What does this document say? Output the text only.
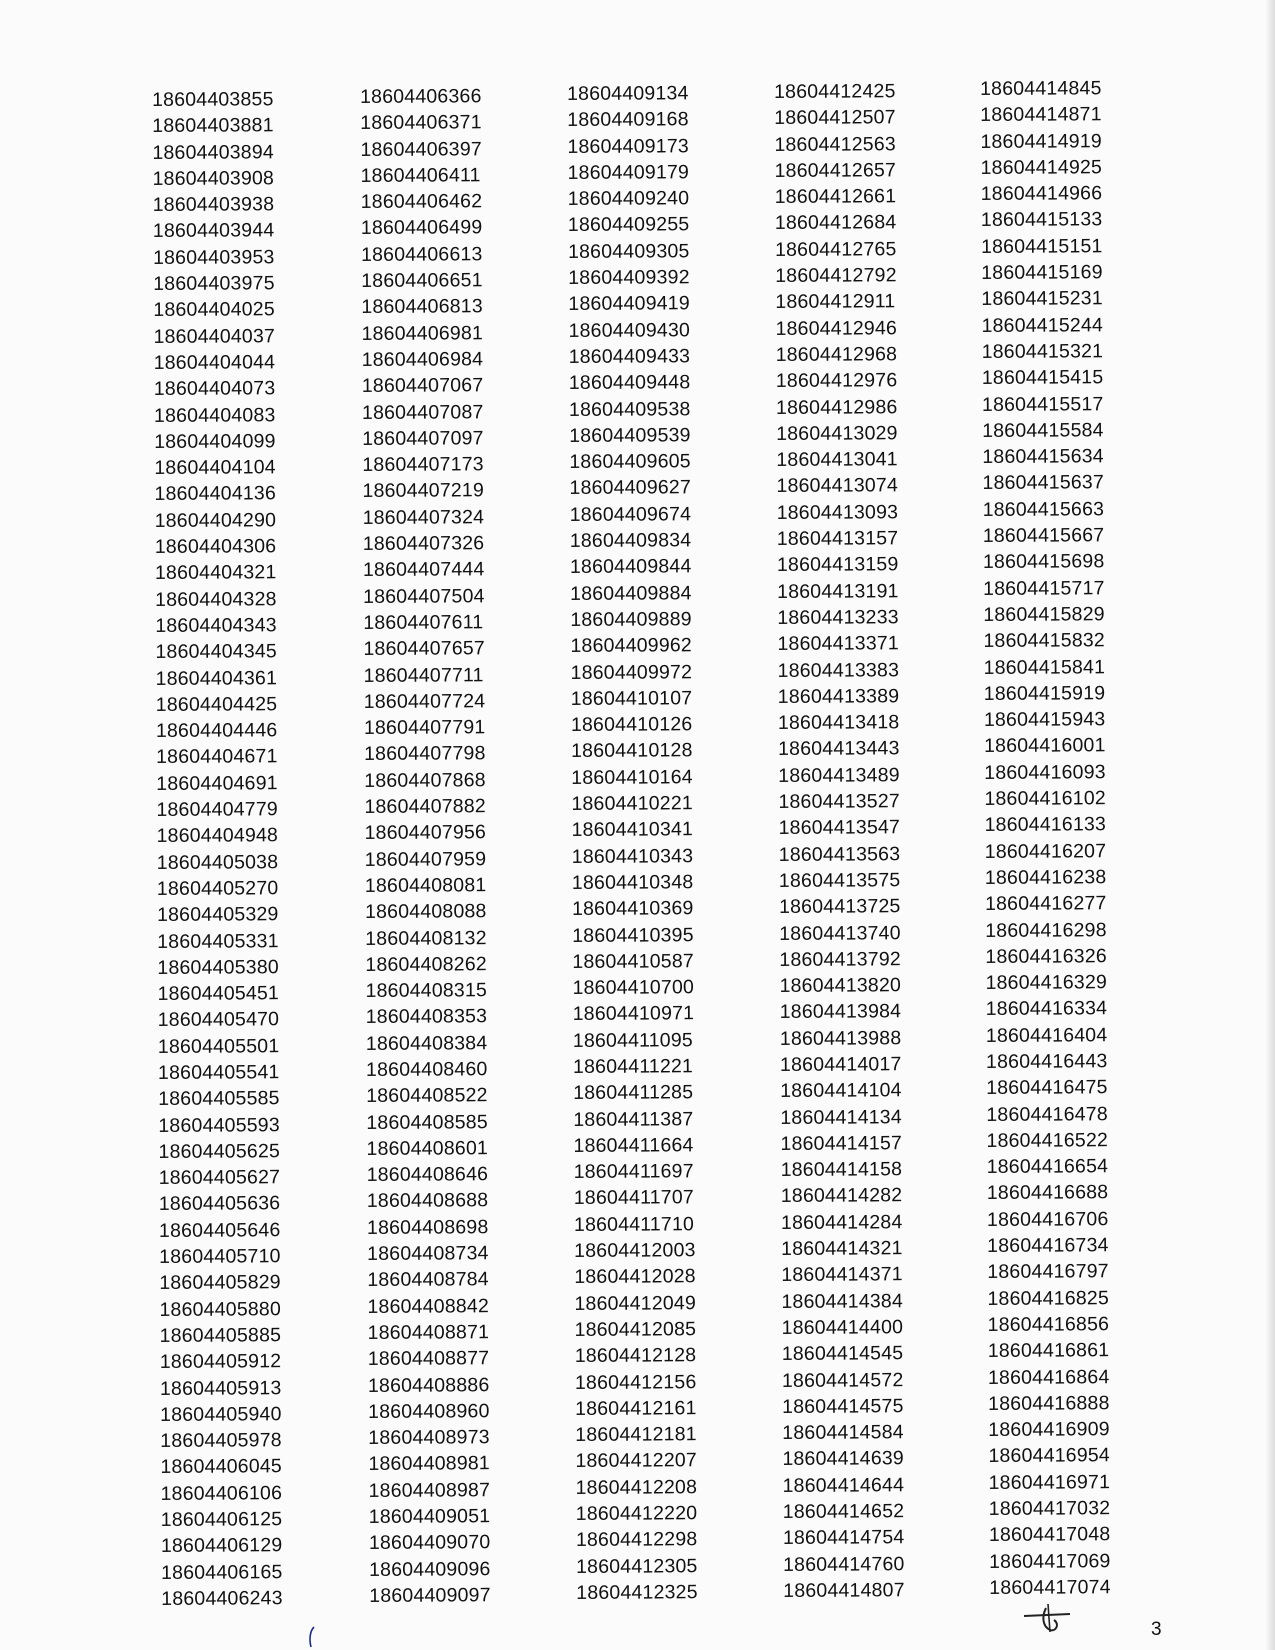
18604403855
18604403881
18604403894
18604403908
18604403938
18604403944
18604403953
18604403975
18604404025
18604404037
18604404044
18604404073
18604404083
18604404099
18604404104
18604404136
18604404290
18604404306
18604404321
18604404328
18604404343
18604404345
18604404361
18604404425
18604404446
18604404671
18604404691
18604404779
18604404948
18604405038
18604405270
18604405329
18604405331
18604405380
18604405451
18604405470
18604405501
18604405541
18604405585
18604405593
18604405625
18604405627
18604405636
18604405646
18604405710
18604405829
18604405880
18604405885
18604405912
18604405913
18604405940
18604405978
18604406045
18604406106
18604406125
18604406129
18604406165
18604406243
18604406366
18604406371
18604406397
18604406411
18604406462
18604406499
18604406613
18604406651
18604406813
18604406981
18604406984
18604407067
18604407087
18604407097
18604407173
18604407219
18604407324
18604407326
18604407444
18604407504
18604407611
18604407657
18604407711
18604407724
18604407791
18604407798
18604407868
18604407882
18604407956
18604407959
18604408081
18604408088
18604408132
18604408262
18604408315
18604408353
18604408384
18604408460
18604408522
18604408585
18604408601
18604408646
18604408688
18604408698
18604408734
18604408784
18604408842
18604408871
18604408877
18604408886
18604408960
18604408973
18604408981
18604408987
18604409051
18604409070
18604409096
18604409097
18604409134
18604409168
18604409173
18604409179
18604409240
18604409255
18604409305
18604409392
18604409419
18604409430
18604409433
18604409448
18604409538
18604409539
18604409605
18604409627
18604409674
18604409834
18604409844
18604409884
18604409889
18604409962
18604409972
18604410107
18604410126
18604410128
18604410164
18604410221
18604410341
18604410343
18604410348
18604410369
18604410395
18604410587
18604410700
18604410971
18604411095
18604411221
18604411285
18604411387
18604411664
18604411697
18604411707
18604411710
18604412003
18604412028
18604412049
18604412085
18604412128
18604412156
18604412161
18604412181
18604412207
18604412208
18604412220
18604412298
18604412305
18604412325
18604412425
18604412507
18604412563
18604412657
18604412661
18604412684
18604412765
18604412792
18604412911
18604412946
18604412968
18604412976
18604412986
18604413029
18604413041
18604413074
18604413093
18604413157
18604413159
18604413191
18604413233
18604413371
18604413383
18604413389
18604413418
18604413443
18604413489
18604413527
18604413547
18604413563
18604413575
18604413725
18604413740
18604413792
18604413820
18604413984
18604413988
18604414017
18604414104
18604414134
18604414157
18604414158
18604414282
18604414284
18604414321
18604414371
18604414384
18604414400
18604414545
18604414572
18604414575
18604414584
18604414639
18604414644
18604414652
18604414754
18604414760
18604414807
18604414845
18604414871
18604414919
18604414925
18604414966
18604415133
18604415151
18604415169
18604415231
18604415244
18604415321
18604415415
18604415517
18604415584
18604415634
18604415637
18604415663
18604415667
18604415698
18604415717
18604415829
18604415832
18604415841
18604415919
18604415943
18604416001
18604416093
18604416102
18604416133
18604416207
18604416238
18604416277
18604416298
18604416326
18604416329
18604416334
18604416404
18604416443
18604416475
18604416478
18604416522
18604416654
18604416688
18604416706
18604416734
18604416797
18604416825
18604416856
18604416861
18604416864
18604416888
18604416909
18604416954
18604416971
18604417032
18604417048
18604417069
18604417074
3
